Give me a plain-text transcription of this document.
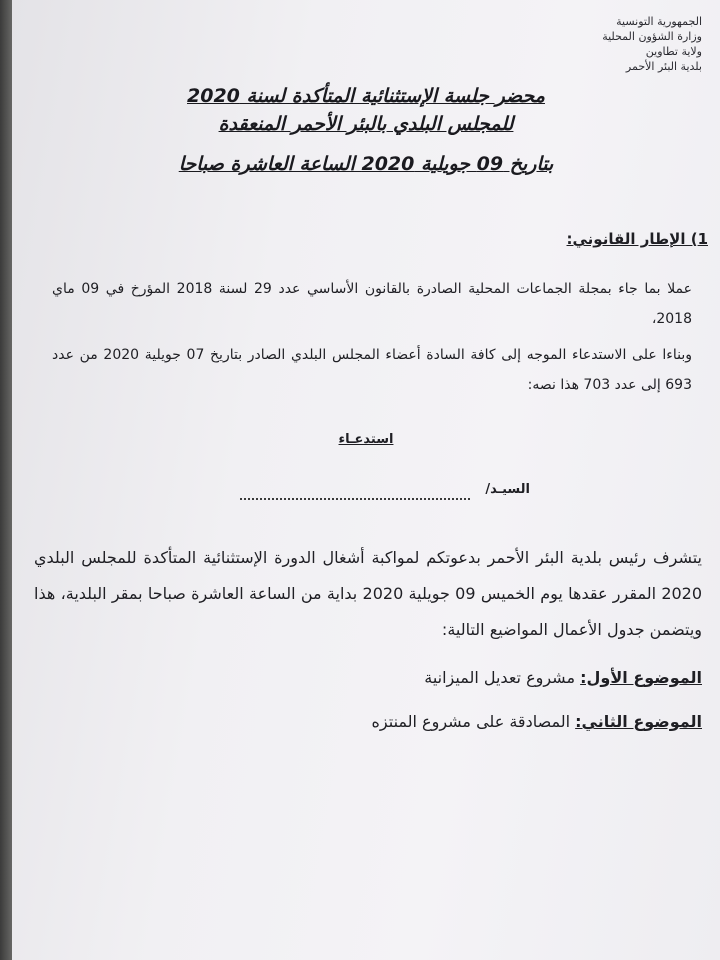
الجمهورية التونسية
وزارة الشؤون المحلية
ولاية تطاوين
بلدية البئر الأحمر
محضر جلسة الإستثنائية المتأكدة لسنة 2020
للمجلس البلدي بالبئر الأحمر المنعقدة
بتاريخ 09 جويلية 2020 الساعة العاشرة صباحا
1) الإطار القانوني:
عملا بما جاء بمجلة الجماعات المحلية الصادرة بالقانون الأساسي عدد 29 لسنة 2018 المؤرخ في 09 ماي 2018،
وبناءا على الاستدعاء الموجه إلى كافة السادة أعضاء المجلس البلدي الصادر بتاريخ 07 جويلية 2020 من عدد 693 إلى عدد 703 هذا نصه:
استدعـاء
السيـد/
يتشرف رئيس بلدية البئر الأحمر بدعوتكم لمواكبة أشغال الدورة الإستثنائية المتأكدة للمجلس البلدي 2020 المقرر عقدها يوم الخميس 09 جويلية 2020 بداية من الساعة العاشرة صباحا بمقر البلدية، هذا ويتضمن جدول الأعمال المواضيع التالية:
الموضوع الأول: مشروع تعديل الميزانية
الموضوع الثاني: المصادقة على مشروع المنتزه
